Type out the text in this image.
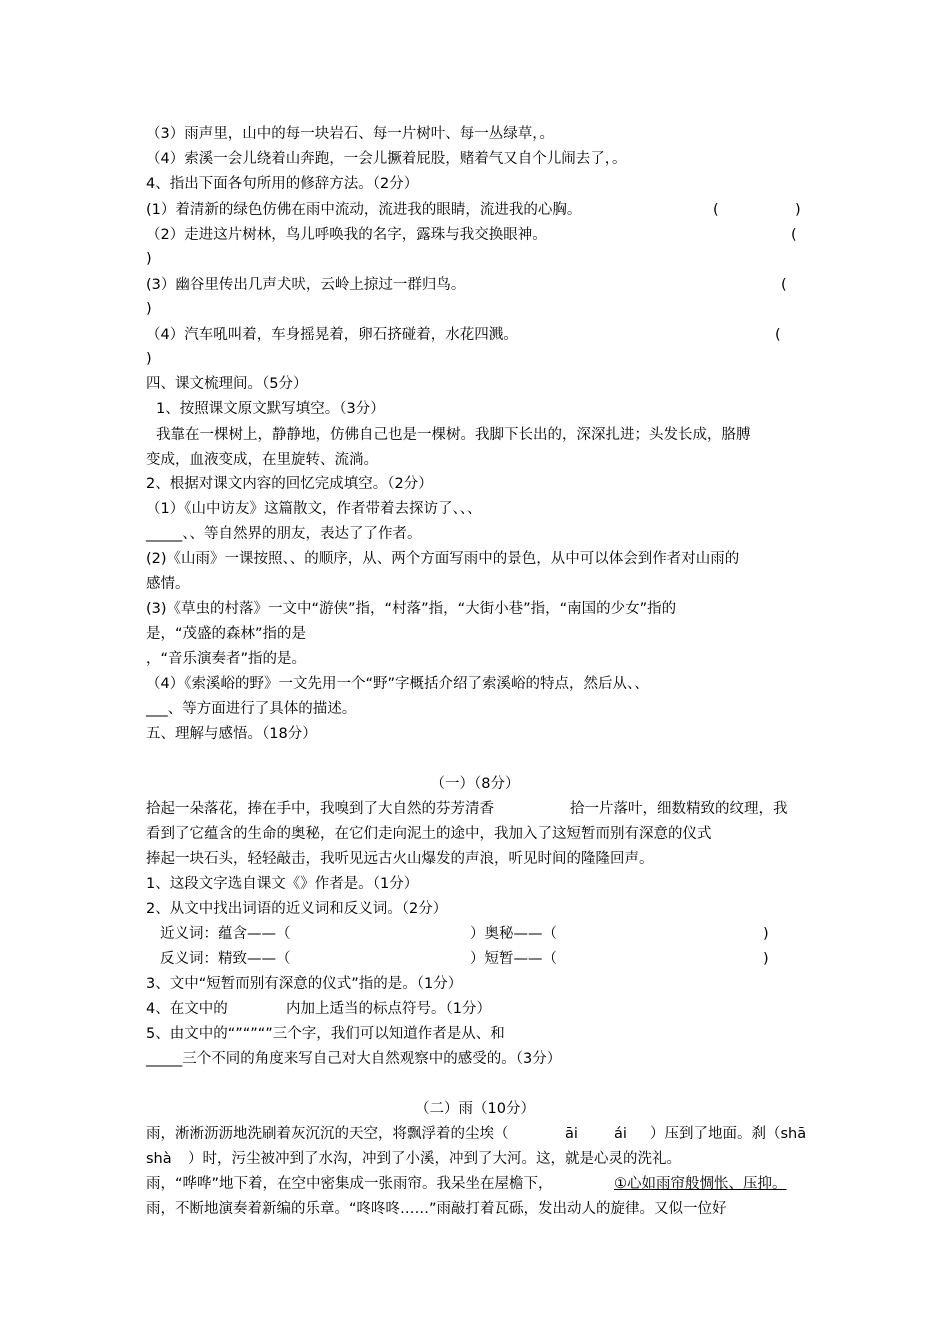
（3）雨声里，山中的每一块岩石、每一片树叶、每一丛绿草，。
（4）索溪一会儿绕着山奔跑，一会儿撅着屁股，赌着气又自个儿闹去了，。
4、指出下面各句所用的修辞方法。（2分）
(1）着清新的绿色仿佛在雨中流动，流进我的眼睛，流进我的心胸。	(	)
（2）走进这片树林，鸟儿呼唤我的名字，露珠与我交换眼神。	(
)
(3）幽谷里传出几声犬吠，云岭上掠过一群归鸟。	(
)
（4）汽车吼叫着，车身摇晃着，卵石挤碰着，水花四溅。	(
)
四、课文梳理间。（5分）
1、按照课文原文默写填空。（3分）
我靠在一棵树上，静静地，仿佛自己也是一棵树。我脚下长出的，深深扎进；头发长成，胳膊
变成，血液变成，在里旋转、流淌。
2、根据对课文内容的回忆完成填空。（2分）
（1）《山中访友》这篇散文，作者带着去探访了、、、
_____、、等自然界的朋友，表达了了作者。
(2)《山雨》一课按照、、的顺序，从、两个方面写雨中的景色，从中可以体会到作者对山雨的
感情。
(3)《草虫的村落》一文中“游侠”指，“村落”指，“大街小巷”指，“南国的少女”指的
是，“茂盛的森林”指的是
，“音乐演奏者”指的是。
（4）《索溪峪的野》一文先用一个“野”字概括介绍了索溪峪的特点，然后从、、
___、等方面进行了具体的描述。
五、理解与感悟。（18分）
（一）（8分）
拾起一朵落花，捧在手中，我嗅到了大自然的芬芳清香	拾一片落叶，细数精致的纹理，我
看到了它蕴含的生命的奥秘，在它们走向泥土的途中，我加入了这短暂而别有深意的仪式
捧起一块石头，轻轻敲击，我听见远古火山爆发的声浪，听见时间的隆隆回声。
1、这段文字选自课文《》作者是。（1分）
2、从文中找出词语的近义词和反义词。（2分）
近义词：蕴含——（	）奥秘——（	)
反义词：精致——（	）短暂——（	)
3、文中“短暂而别有深意的仪式”指的是。（1分）
4、在文中的	内加上适当的标点符号。（1分）
5、由文中的“”“”“”三个字，我们可以知道作者是从、和
_____三个不同的角度来写自己对大自然观察中的感受的。（3分）
（二）雨（10分）
雨，淅淅沥沥地洗刷着灰沉沉的天空，将飘浮着的尘埃（	āi ái ）压到了地面。刹（shā
shà ）时，污尘被冲到了水沟，冲到了小溪，冲到了大河。这，就是心灵的洗礼。
雨，“哗哗”地下着，在空中密集成一张雨帘。我呆坐在屋檐下，	①心如雨帘般惆怅、压抑。
雨，不断地演奏着新编的乐章。“咚咚咚……”雨敲打着瓦砾，发出动人的旋律。又似一位好
